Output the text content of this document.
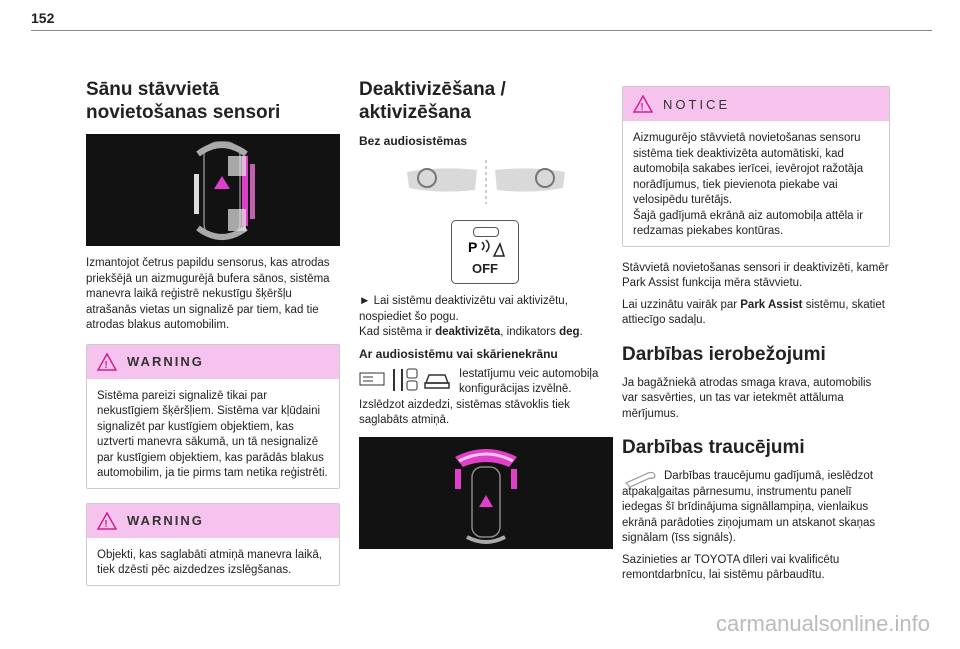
152
Sānu stāvvietā novietošanas sensori

Izmantojot četrus papildu sensorus, kas atrodas priekšējā un aizmugurējā bufera sānos, sistēma manevra laikā reģistrē nekustīgu šķēršļu atrašanās vietas un signalizē par tiem, kad tie atrodas blakus automobilim.

! WARNING

Sistēma pareizi signalizē tikai par nekustīgiem šķēršļiem. Sistēma var kļūdaini signalizēt par kustīgiem objektiem, kas uztverti manevra sākumā, un tā nesignalizē par kustīgiem objektiem, kas parādās blakus automobilim, ja tie pirms tam netika reģistrēti.

! WARNING

Objekti, kas saglabāti atmiņā manevra laikā, tiek dzēsti pēc aizdedzes izslēgšanas.

Deaktivizēšana / aktivizēšana
Bez audiosistēmas
P
OFF

► Lai sistēmu deaktivizētu vai aktivizētu, nospiediet šo pogu.
Kad sistēma ir deaktivizēta, indikators deg.

Ar audiosistēmu vai skārienekrānu

Iestatījumu veic automobiļa konfigurācijas izvēlnē.

Izslēdzot aizdedzi, sistēmas stāvoklis tiek saglabāts atmiņā.

! NOTICE

Aizmugurējo stāvvietā novietošanas sensoru sistēma tiek deaktivizēta automātiski, kad automobiļa sakabes ierīcei, ievērojot ražotāja norādījumus, tiek pievienota piekabe vai velosipēdu turētājs.

Šajā gadījumā ekrānā aiz automobiļa attēla ir redzamas piekabes kontūras.

Stāvvietā novietošanas sensori ir deaktivizēti, kamēr Park Assist funkcija mēra stāvvietu.

Lai uzzinātu vairāk par Park Assist sistēmu, skatiet attiecīgo sadaļu.

Darbības ierobežojumi

Ja bagāžniekā atrodas smaga krava, automobilis var sasvērties, un tas var ietekmēt attāluma mērījumus.

Darbības traucējumi

Darbības traucējumu gadījumā, ieslēdzot atpakaļgaitas pārnesumu, instrumentu panelī iedegas šī brīdinājuma signāllampiņa, vienlaikus ekrānā parādoties ziņojumam un atskanot skaņas signālam (īss signāls).

Sazinieties ar TOYOTA dīleri vai kvalificētu remontdarbnīcu, lai sistēmu pārbaudītu.

carmanualsonline.info
